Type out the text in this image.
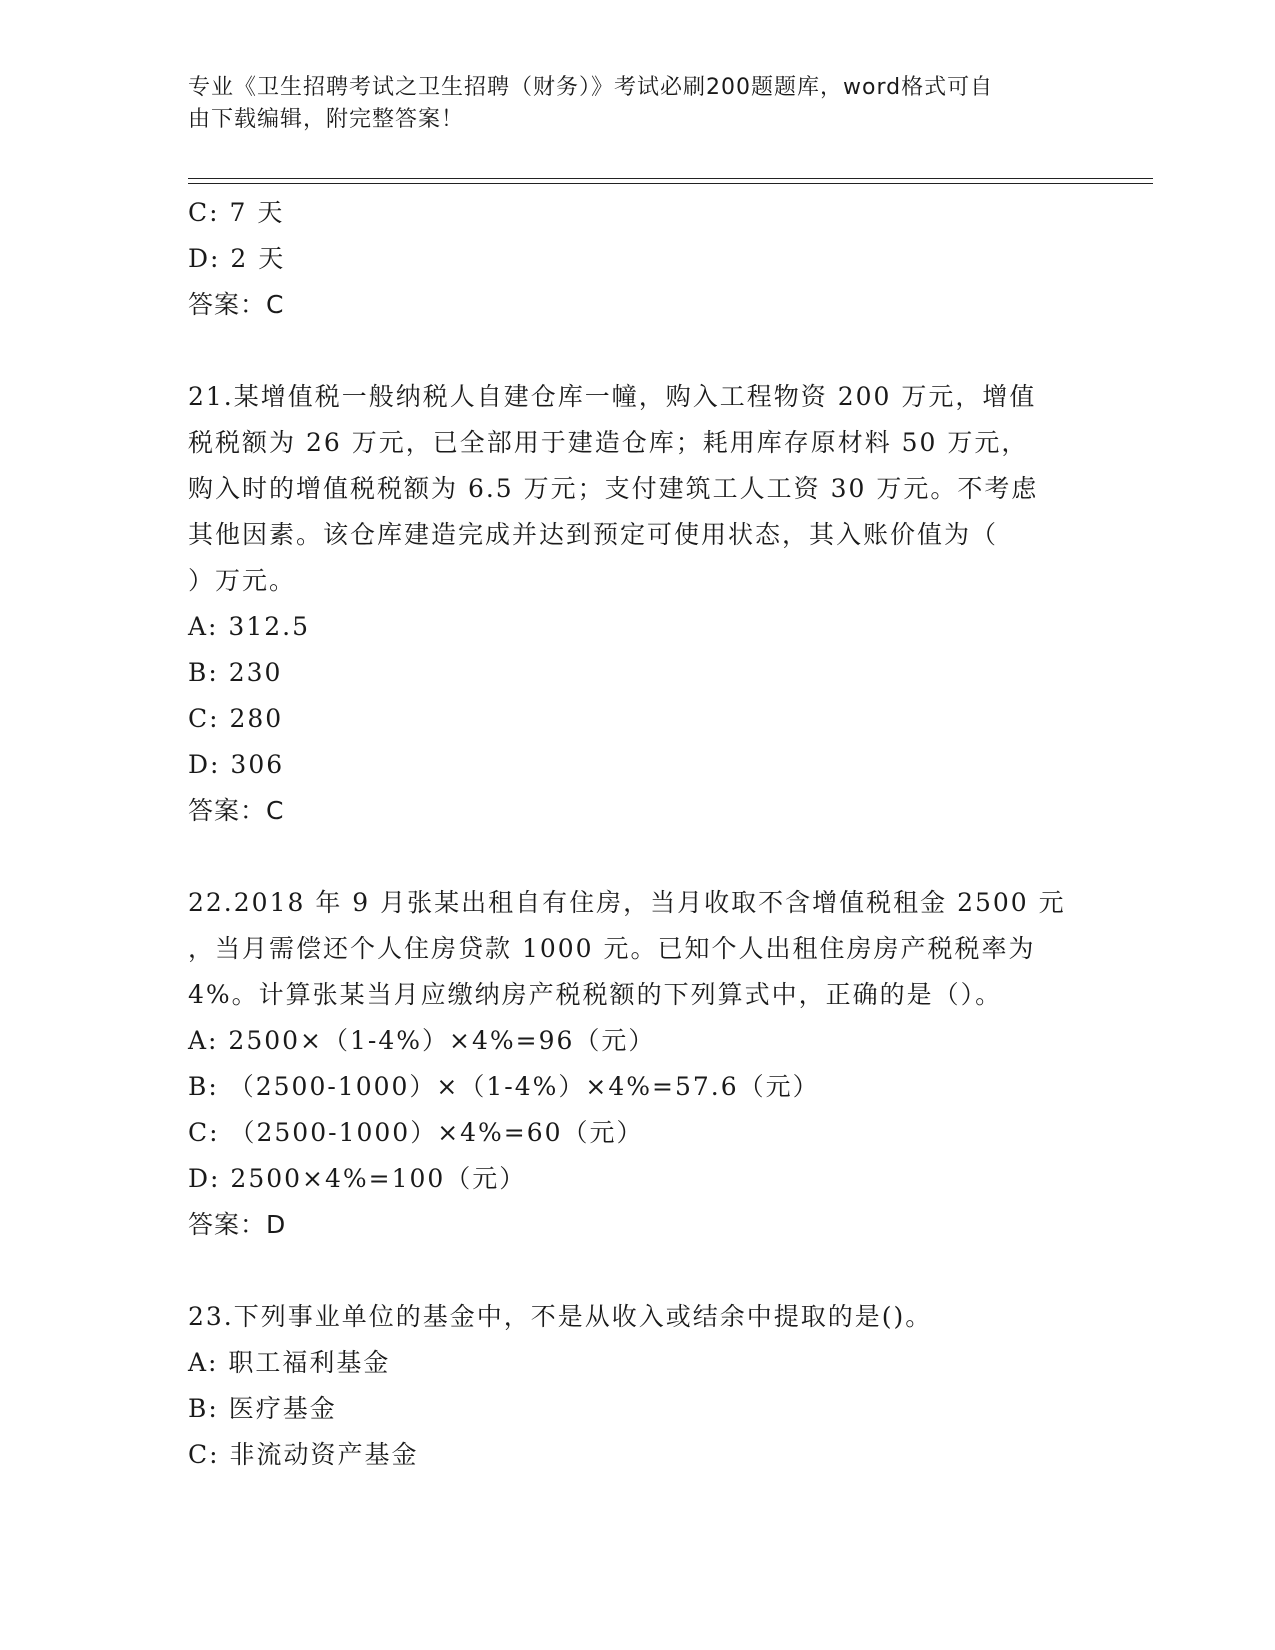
专业《卫生招聘考试之卫生招聘（财务）》考试必刷200题题库，word格式可自
由下载编辑，附完整答案！
C: 7 天
D: 2 天
答案：C
21.某增值税一般纳税人自建仓库一幢，购入工程物资 200 万元，增值
税税额为 26 万元，已全部用于建造仓库；耗用库存原材料 50 万元，
购入时的增值税税额为 6.5 万元；支付建筑工人工资 30 万元。不考虑
其他因素。该仓库建造完成并达到预定可使用状态，其入账价值为（
）万元。
A: 312.5
B: 230
C: 280
D: 306
答案：C
22.2018 年 9 月张某出租自有住房，当月收取不含增值税租金 2500 元
，当月需偿还个人住房贷款 1000 元。已知个人出租住房房产税税率为
4%。计算张某当月应缴纳房产税税额的下列算式中，正确的是（）。
A: 2500×（1-4%）×4%=96（元）
B: （2500-1000）×（1-4%）×4%=57.6（元）
C: （2500-1000）×4%=60（元）
D: 2500×4%=100（元）
答案：D
23.下列事业单位的基金中，不是从收入或结余中提取的是()。
A: 职工福利基金
B: 医疗基金
C: 非流动资产基金
